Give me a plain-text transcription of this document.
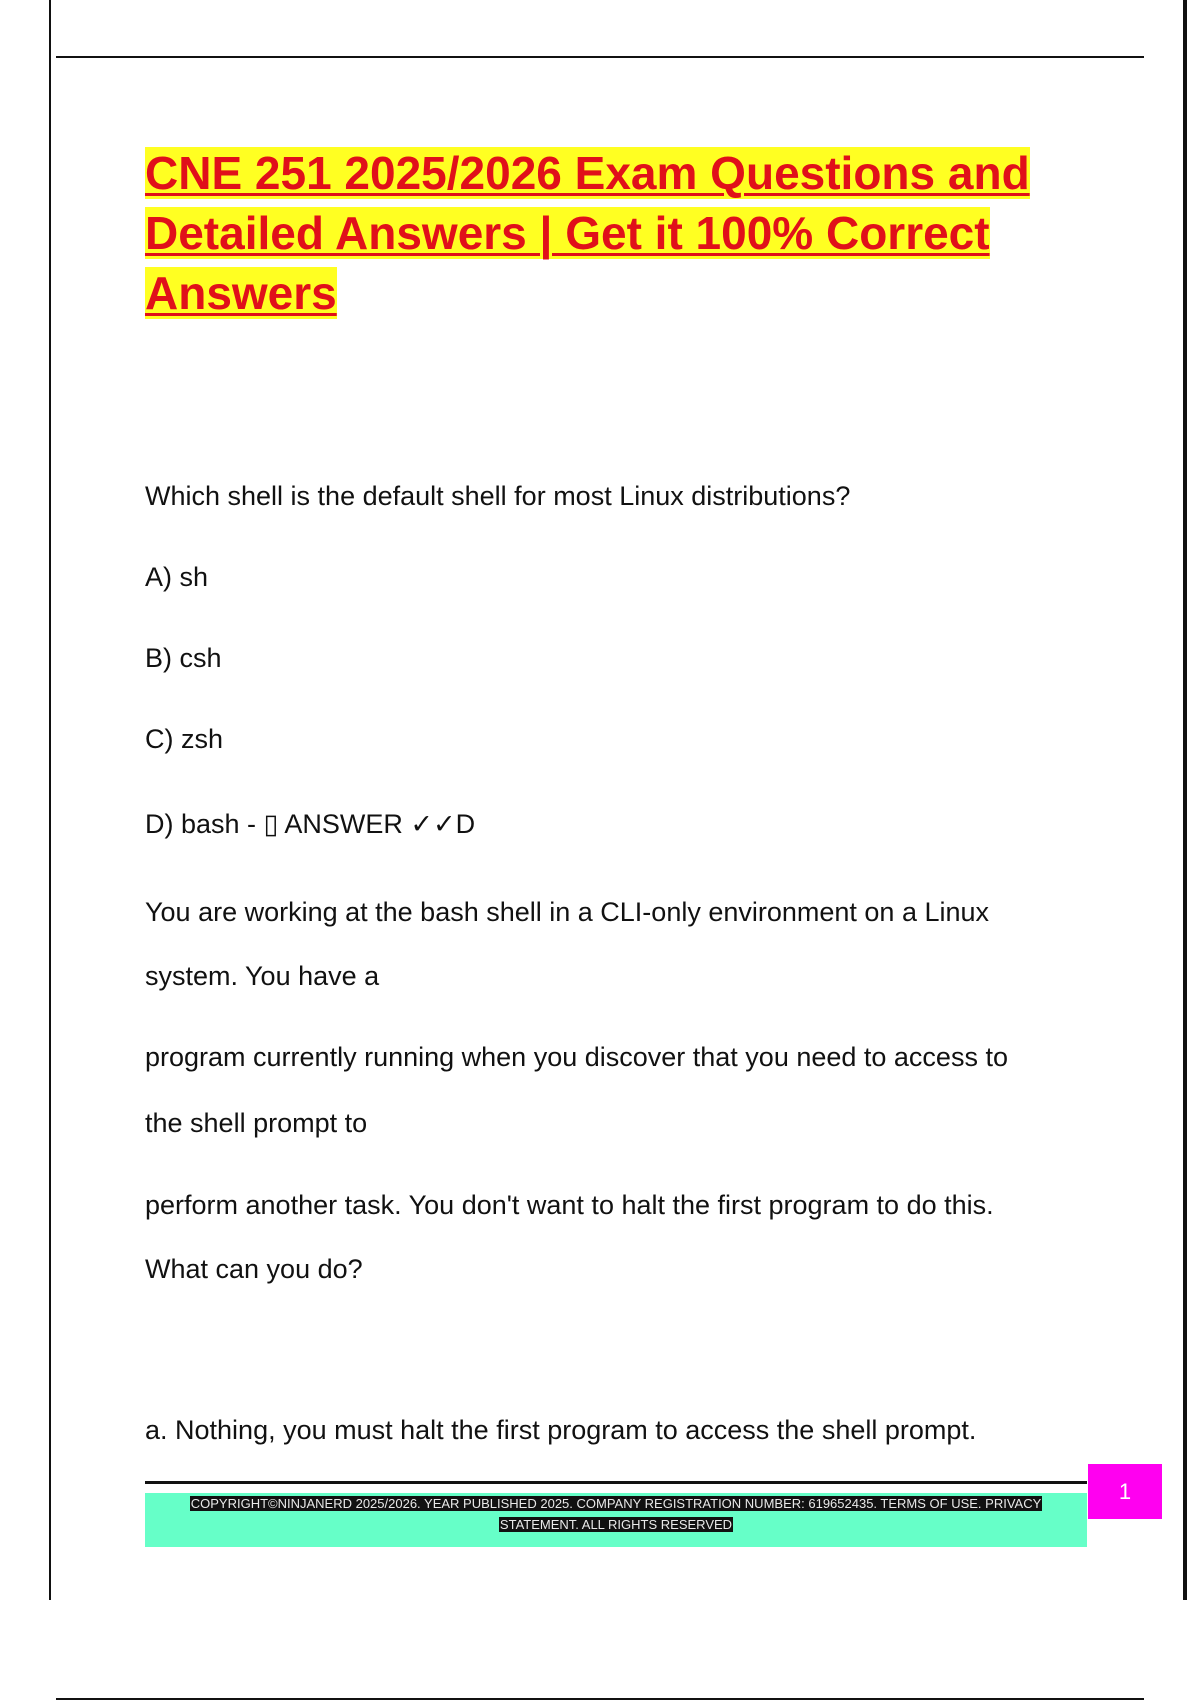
CNE 251 2025/2026 Exam Questions and
Detailed Answers | Get it 100% Correct
Answers
Which shell is the default shell for most Linux distributions?
A) sh
B) csh
C) zsh
D) bash - ▯ ANSWER ✓✓D
You are working at the bash shell in a CLI-only environment on a Linux
system. You have a
program currently running when you discover that you need to access to
the shell prompt to
perform another task. You don't want to halt the first program to do this.
What can you do?
a. Nothing, you must halt the first program to access the shell prompt.
COPYRIGHT©NINJANERD 2025/2026. YEAR PUBLISHED 2025. COMPANY REGISTRATION NUMBER: 619652435. TERMS OF USE. PRIVACY
STATEMENT. ALL RIGHTS RESERVED
1
